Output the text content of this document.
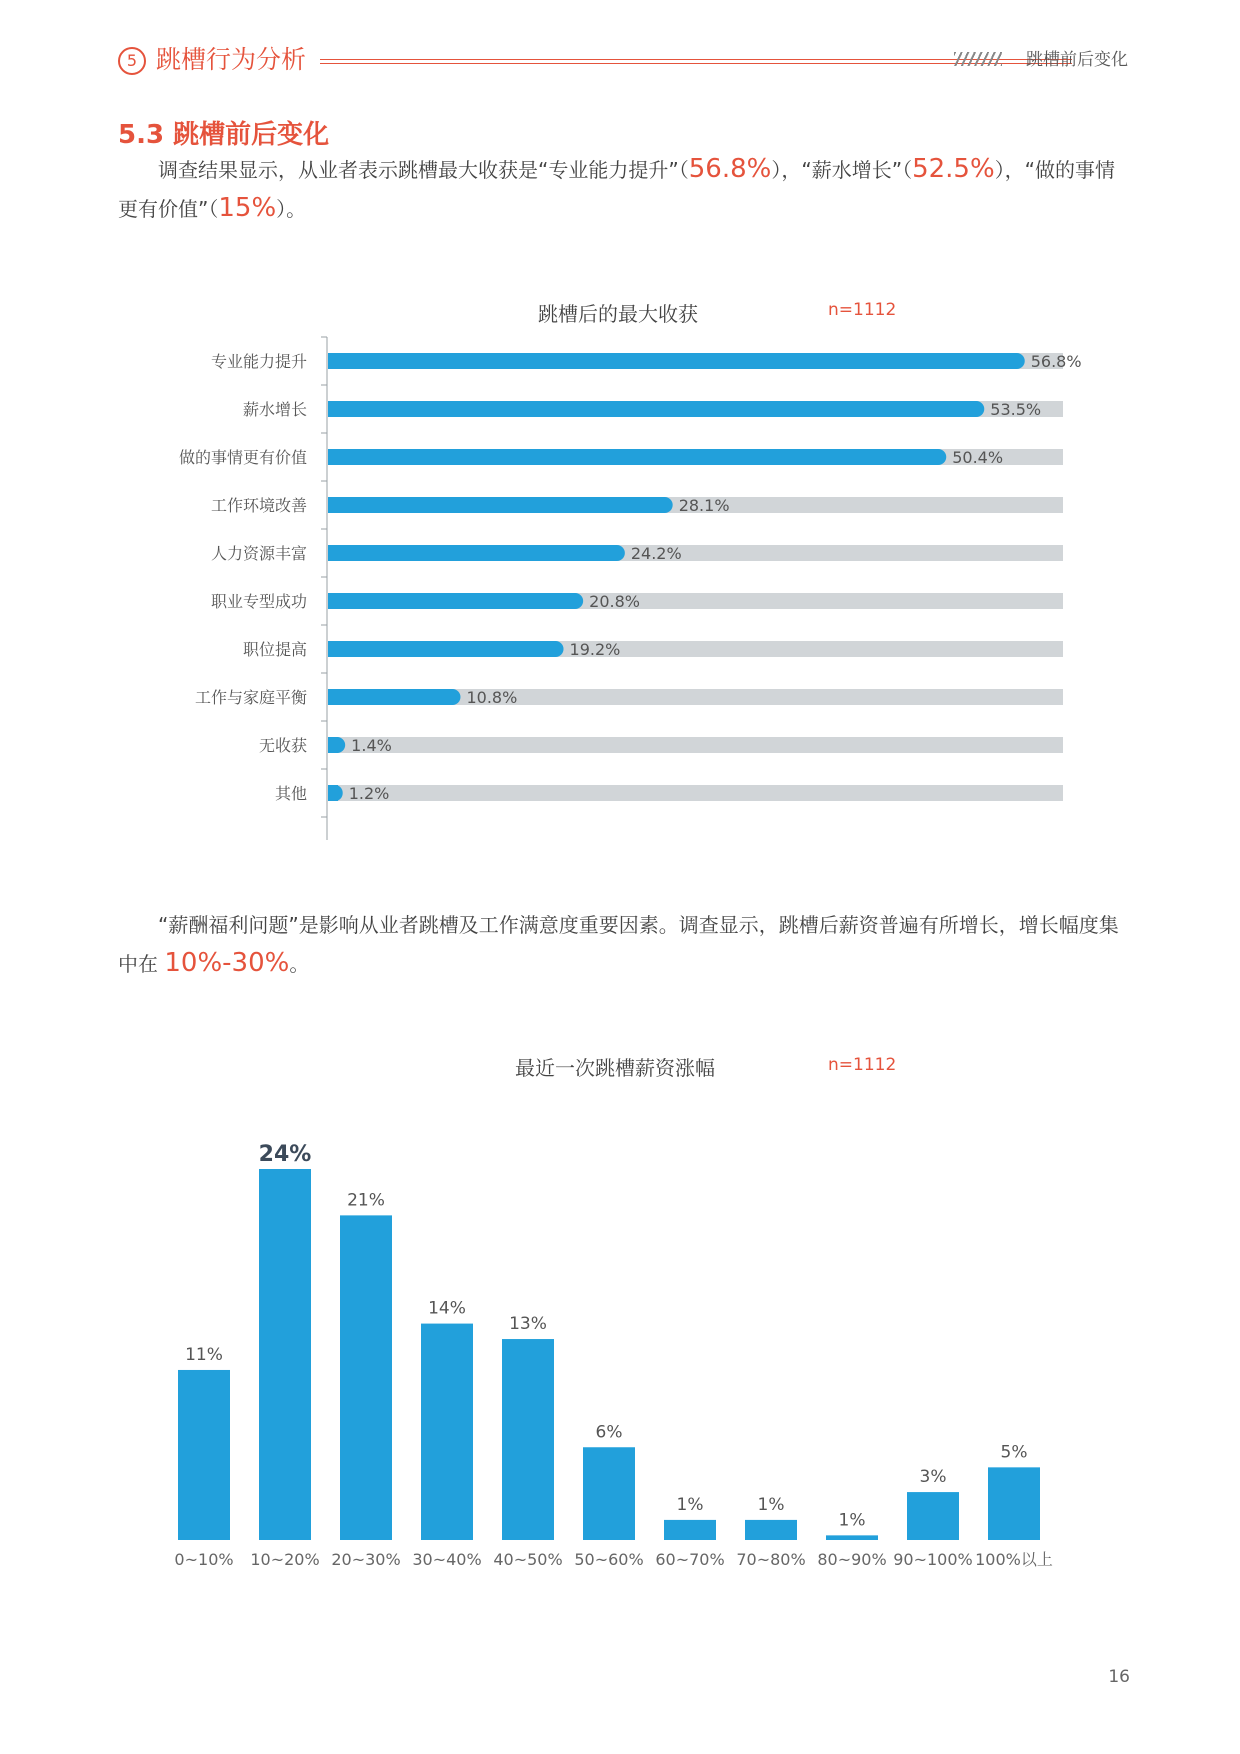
5 跳槽行为分析	跳槽前后变化
5.3 跳槽前后变化
调查结果显示，从业者表示跳槽最大收获是“专业能力提升”（56.8%），“薪水增长”（52.5%），“做的事情更有价值”（15%）。
跳槽后的最大收获	n=1112
专业能力提升	56.8%
薪水增长	53.5%
做的事情更有价值	50.4%
工作环境改善	28.1%
人力资源丰富	24.2%
职业专型成功	20.8%
职位提高	19.2%
工作与家庭平衡	10.8%
无收获	1.4%
其他	1.2%
“薪酬福利问题”是影响从业者跳槽及工作满意度重要因素。调查显示，跳槽后薪资普遍有所增长，增长幅度集中在 10%-30%。
最近一次跳槽薪资涨幅	n=1112
11%
0~10%
24%
10~20%
21%
20~30%
14%
30~40%
13%
40~50%
6%
50~60%
1%
60~70%
1%
70~80%
1%
80~90%
3%
90~100%
5%
100%以上
16
